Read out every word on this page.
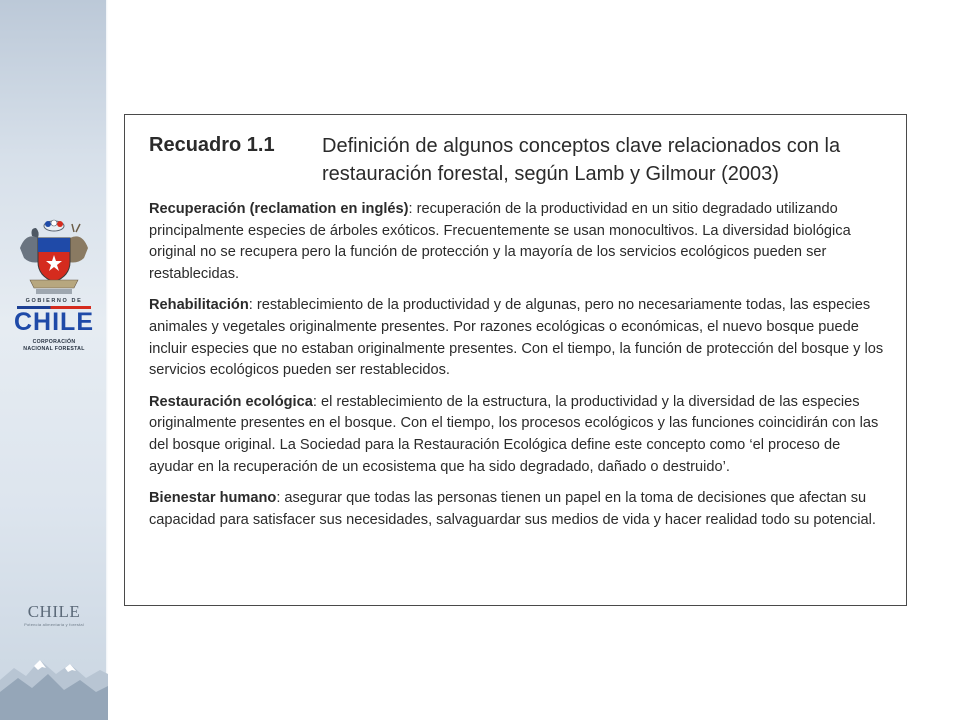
GOBIERNO DE
CHILE
CORPORACIÓN
NACIONAL FORESTAL
CHILE
Potencia alimentaria y forestal
Recuadro 1.1	Definición de algunos conceptos clave relacionados con la restauración forestal, según Lamb y Gilmour (2003)

Recuperación (reclamation en inglés): recuperación de la productividad en un sitio degradado utilizando principalmente especies de árboles exóticos. Frecuentemente se usan monocultivos. La diversidad biológica original no se recupera pero la función de protección y la mayoría de los servicios ecológicos pueden ser restablecidas.

Rehabilitación: restablecimiento de la productividad y de algunas, pero no necesariamente todas, las especies animales y vegetales originalmente presentes. Por razones ecológicas o económicas, el nuevo bosque puede incluir especies que no estaban originalmente presentes. Con el tiempo, la función de protección del bosque y los servicios ecológicos pueden ser restablecidos.

Restauración ecológica: el restablecimiento de la estructura, la productividad y la diversidad de las especies originalmente presentes en el bosque. Con el tiempo, los procesos ecológicos y las funciones coincidirán con las del bosque original. La Sociedad para la Restauración Ecológica define este concepto como ‘el proceso de ayudar en la recuperación de un ecosistema que ha sido degradado, dañado o destruido’.

Bienestar humano: asegurar que todas las personas tienen un papel en la toma de decisiones que afectan su capacidad para satisfacer sus necesidades, salvaguardar sus medios de vida y hacer realidad todo su potencial.
